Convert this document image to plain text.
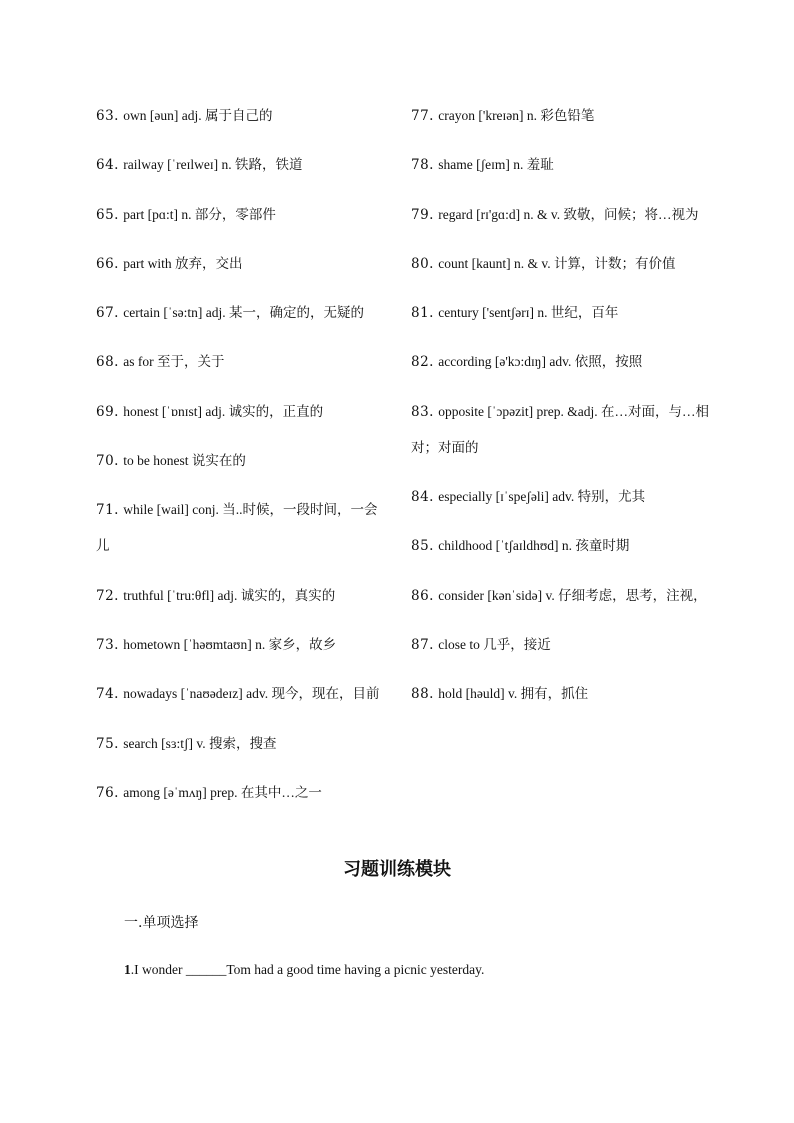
63. own [əun] adj. 属于自己的
64. railway [ˈreɪlweɪ] n. 铁路，铁道
65. part [pɑ:t] n. 部分，零部件
66. part with 放弃，交出
67. certain [ˈsə:tn] adj. 某一，确定的，无疑的
68. as for 至于，关于
69. honest [ˈɒnɪst] adj. 诚实的，正直的
70. to be honest 说实在的
71. while [wail] conj. 当..时候，一段时间，一会儿
72. truthful [ˈtru:θfl] adj. 诚实的，真实的
73. hometown [ˈhəʊmtaʊn] n. 家乡，故乡
74. nowadays [ˈnaʊədeɪz] adv. 现今，现在，目前
75. search [sɜ:tʃ] v. 搜索，搜查
76. among [əˈmʌŋ] prep. 在其中…之一
77. crayon ['kreɪən] n. 彩色铅笔
78. shame [ʃeɪm] n. 羞耻
79. regard [rɪ'gɑ:d] n. & v. 致敬，问候；将…视为
80. count [kaunt] n. & v. 计算，计数；有价值
81. century ['sentʃərɪ] n. 世纪，百年
82. according [ə'kɔ:dɪŋ] adv. 依照，按照
83. opposite [ˈɔpəzit] prep. &adj. 在…对面，与…相对；对面的
84. especially [ɪˈspeʃəli] adv. 特别，尤其
85. childhood [ˈtʃaɪldhʊd] n. 孩童时期
86. consider [kənˈsidə] v. 仔细考虑，思考，注视，
87. close to 几乎，接近
88. hold [həuld] v. 拥有，抓住
习题训练模块
一.单项选择
1.I wonder ______Tom had a good time having a picnic yesterday.
